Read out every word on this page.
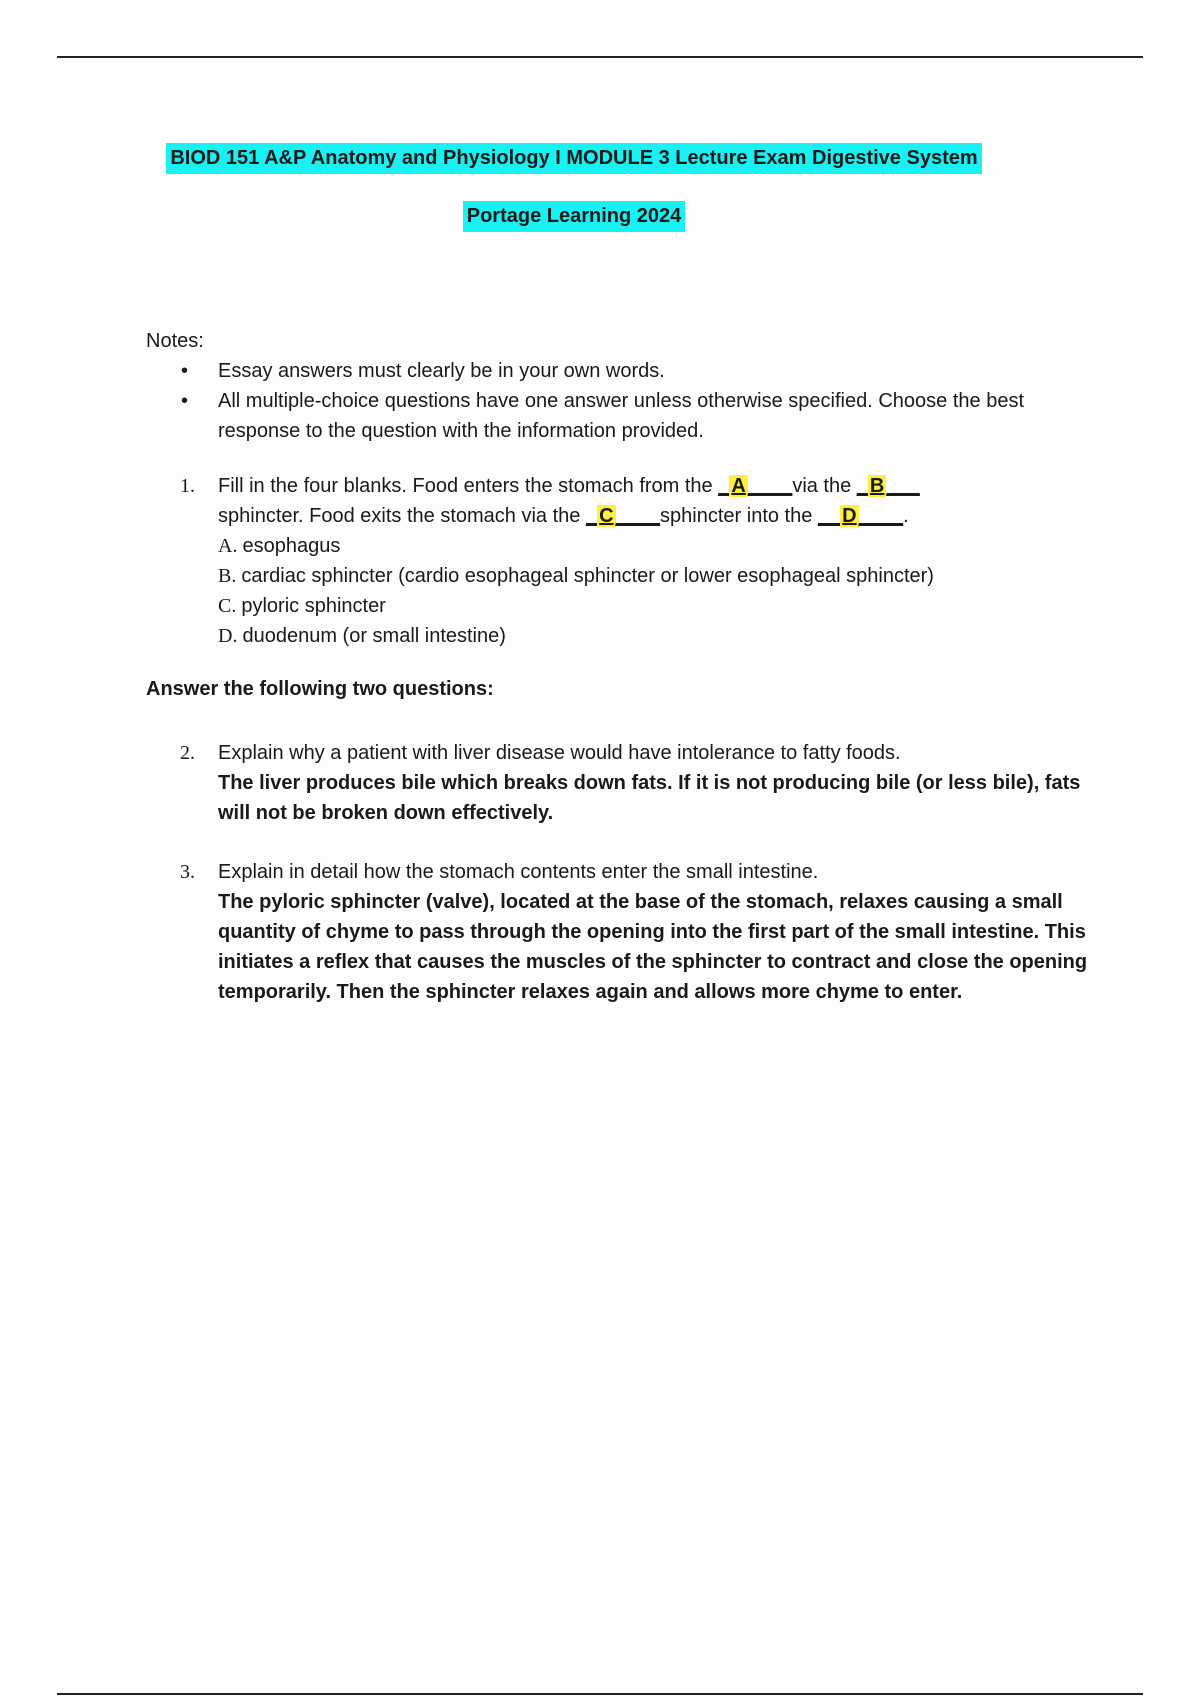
BIOD 151 A&P Anatomy and Physiology I MODULE 3 Lecture Exam Digestive System
Portage Learning 2024
Notes:
• Essay answers must clearly be in your own words.
• All multiple-choice questions have one answer unless otherwise specified. Choose the best response to the question with the information provided.
1. Fill in the four blanks. Food enters the stomach from the _ A ____via the _ B ___
sphincter. Food exits the stomach via the _ C ____sphincter into the __ D ____.
A. esophagus
B. cardiac sphincter (cardio esophageal sphincter or lower esophageal sphincter)
C. pyloric sphincter
D. duodenum (or small intestine)
Answer the following two questions:
2. Explain why a patient with liver disease would have intolerance to fatty foods.
The liver produces bile which breaks down fats. If it is not producing bile (or less bile), fats will not be broken down effectively.
3. Explain in detail how the stomach contents enter the small intestine.
The pyloric sphincter (valve), located at the base of the stomach, relaxes causing a small quantity of chyme to pass through the opening into the first part of the small intestine. This initiates a reflex that causes the muscles of the sphincter to contract and close the opening temporarily. Then the sphincter relaxes again and allows more chyme to enter.
